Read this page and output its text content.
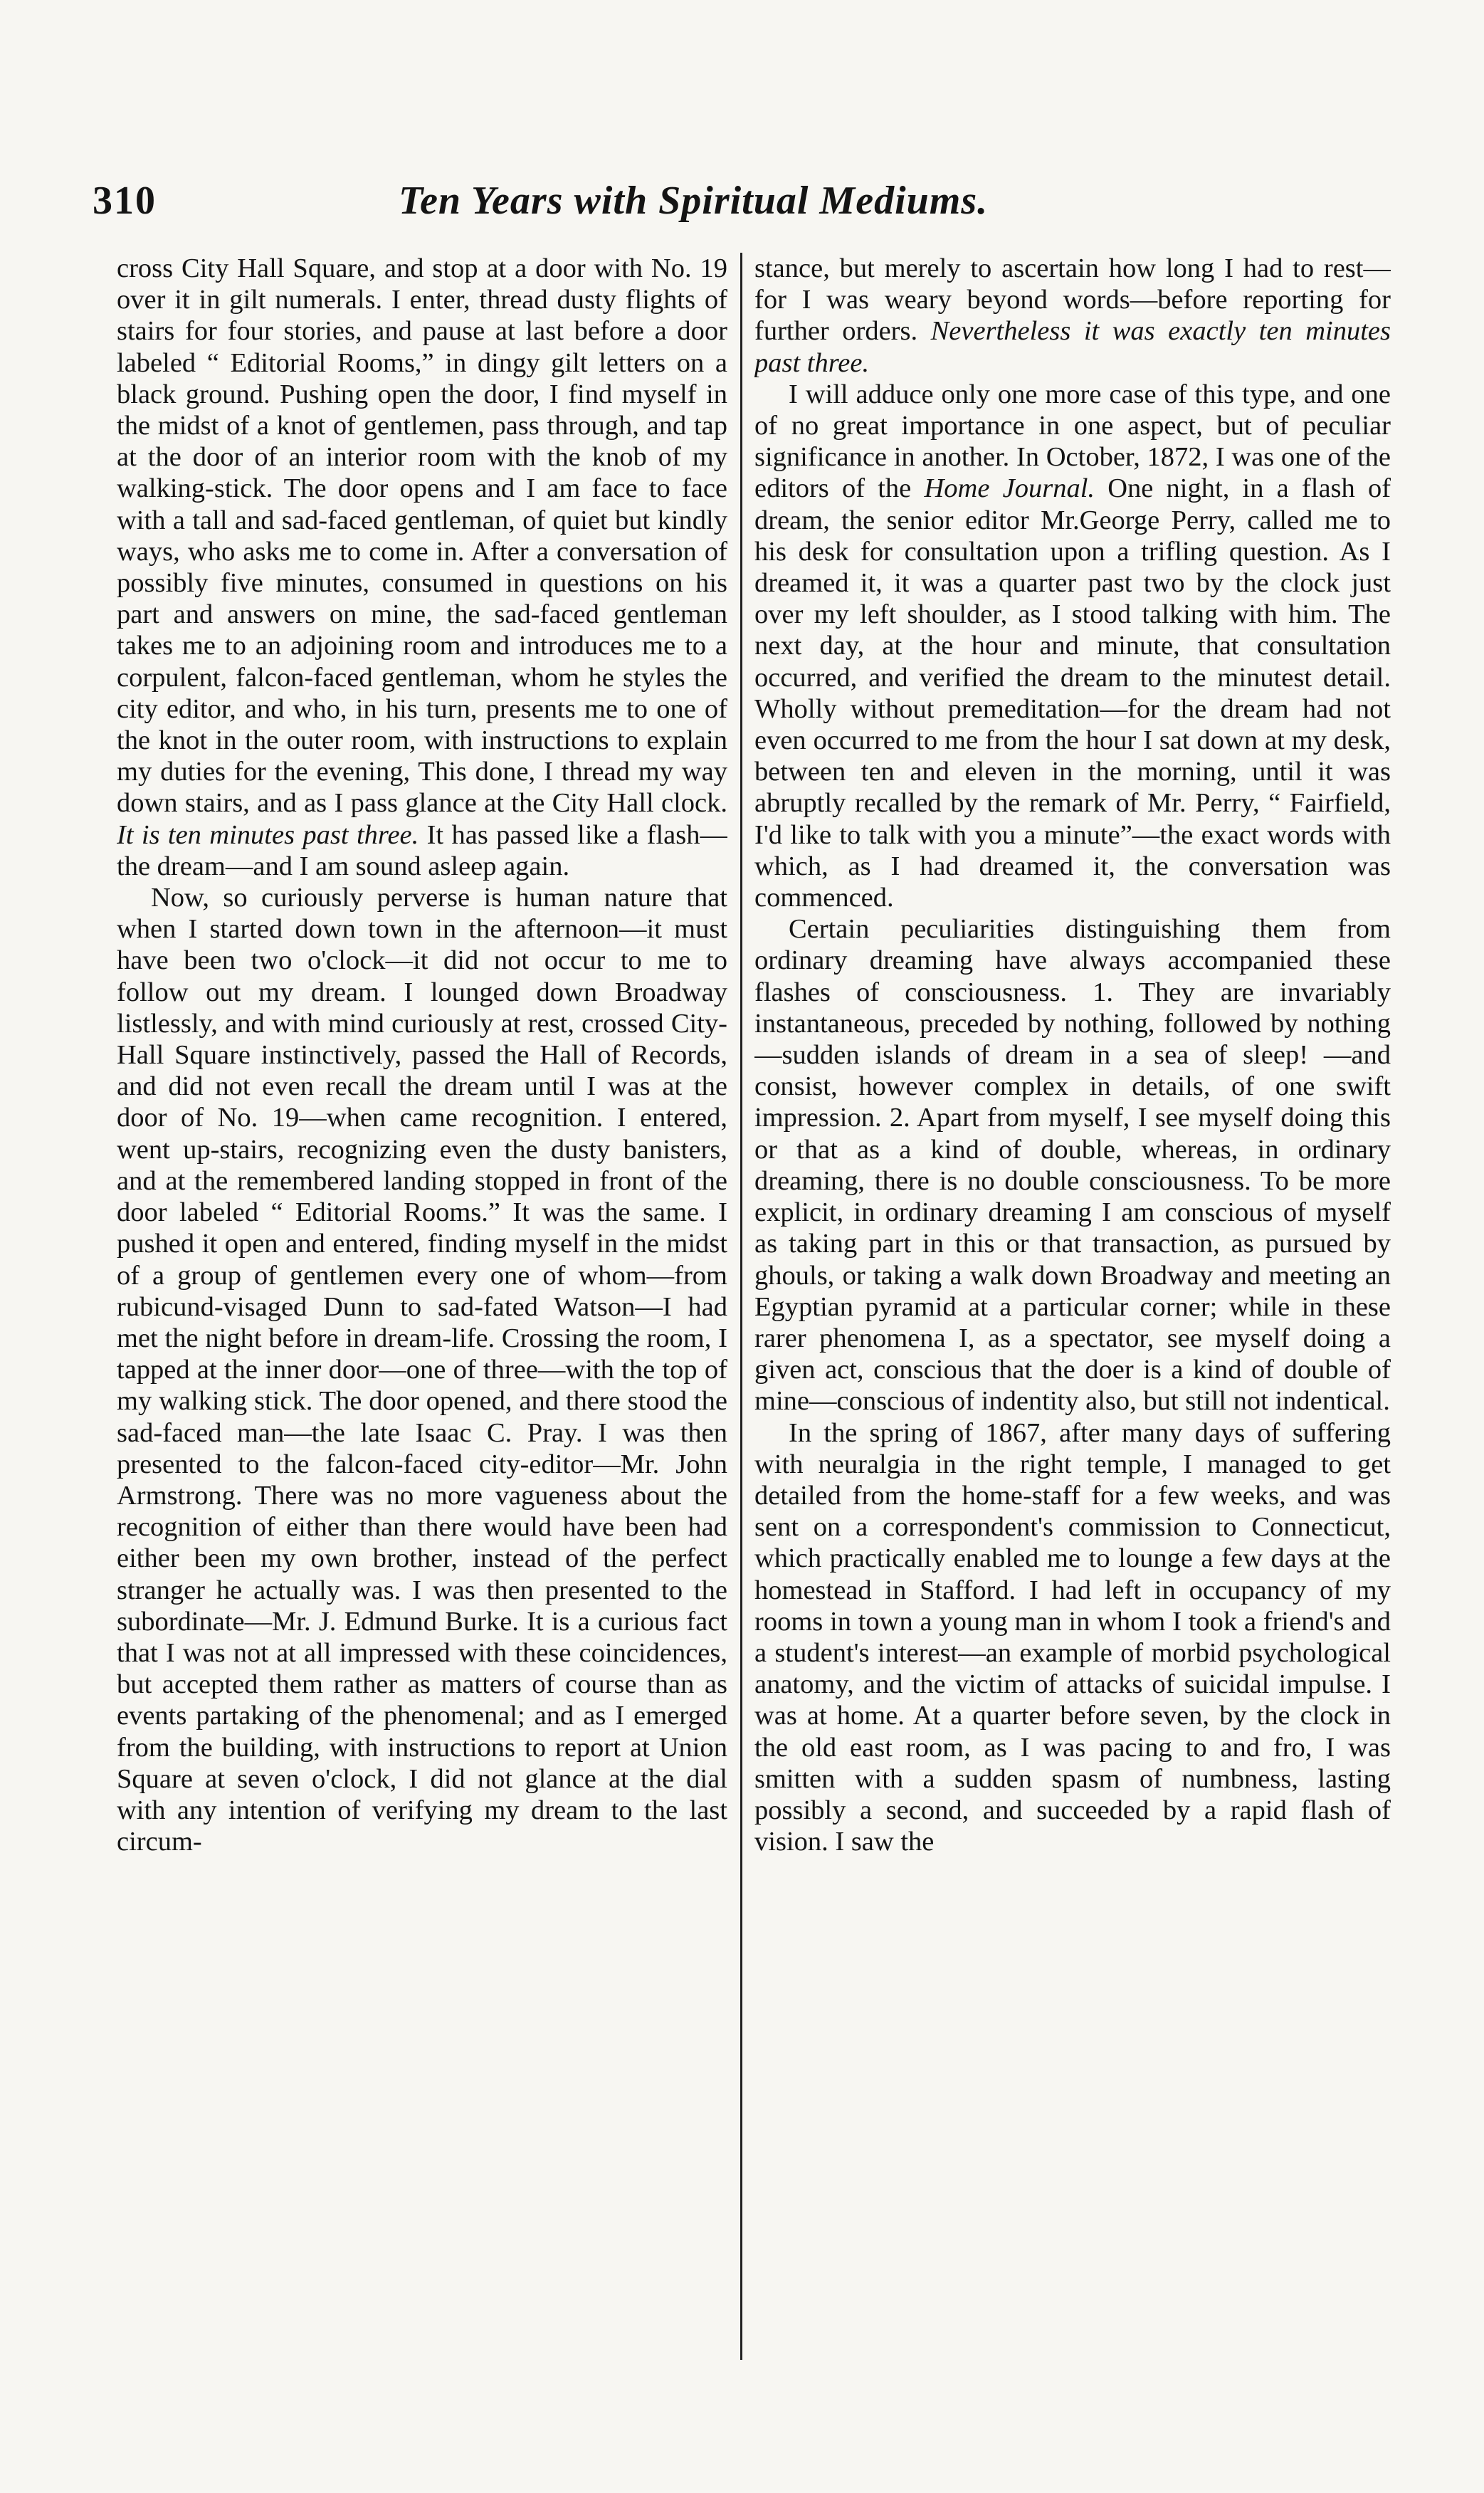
310	Ten Years with Spiritual Mediums.

cross City Hall Square, and stop at a door with No. 19 over it in gilt numerals. I enter, thread dusty flights of stairs for four stories, and pause at last before a door labeled “ Editorial Rooms,” in dingy gilt letters on a black ground. Pushing open the door, I find myself in the midst of a knot of gentlemen, pass through, and tap at the door of an interior room with the knob of my walking-stick. The door opens and I am face to face with a tall and sad-faced gentleman, of quiet but kindly ways, who asks me to come in. After a conversation of possibly five minutes, consumed in questions on his part and answers on mine, the sad-faced gentleman takes me to an adjoining room and introduces me to a corpulent, falcon-faced gentleman, whom he styles the city editor, and who, in his turn, presents me to one of the knot in the outer room, with instructions to explain my duties for the evening, This done, I thread my way down stairs, and as I pass glance at the City Hall clock. It is ten minutes past three. It has passed like a flash—the dream—and I am sound asleep again.

Now, so curiously perverse is human nature that when I started down town in the afternoon—it must have been two o'clock—it did not occur to me to follow out my dream. I lounged down Broadway listlessly, and with mind curiously at rest, crossed City-Hall Square instinctively, passed the Hall of Records, and did not even recall the dream until I was at the door of No. 19—when came recognition. I entered, went up-stairs, recognizing even the dusty banisters, and at the remembered landing stopped in front of the door labeled “ Editorial Rooms.” It was the same. I pushed it open and entered, finding myself in the midst of a group of gentlemen every one of whom—from rubicund-visaged Dunn to sad-fated Watson—I had met the night before in dream-life. Crossing the room, I tapped at the inner door—one of three—with the top of my walking stick. The door opened, and there stood the sad-faced man—the late Isaac C. Pray. I was then presented to the falcon-faced city-editor—Mr. John Armstrong. There was no more vagueness about the recognition of either than there would have been had either been my own brother, instead of the perfect stranger he actually was. I was then presented to the subordinate—Mr. J. Edmund Burke. It is a curious fact that I was not at all impressed with these coincidences, but accepted them rather as matters of course than as events partaking of the phenomenal; and as I emerged from the building, with instructions to report at Union Square at seven o'clock, I did not glance at the dial with any intention of verifying my dream to the last circum-

stance, but merely to ascertain how long I had to rest—for I was weary beyond words—before reporting for further orders. Nevertheless it was exactly ten minutes past three.

I will adduce only one more case of this type, and one of no great importance in one aspect, but of peculiar significance in another. In October, 1872, I was one of the editors of the Home Journal. One night, in a flash of dream, the senior editor Mr.George Perry, called me to his desk for consultation upon a trifling question. As I dreamed it, it was a quarter past two by the clock just over my left shoulder, as I stood talking with him. The next day, at the hour and minute, that consultation occurred, and verified the dream to the minutest detail. Wholly without premeditation—for the dream had not even occurred to me from the hour I sat down at my desk, between ten and eleven in the morning, until it was abruptly recalled by the remark of Mr. Perry, “ Fairfield, I'd like to talk with you a minute”—the exact words with which, as I had dreamed it, the conversation was commenced.

Certain peculiarities distinguishing them from ordinary dreaming have always accompanied these flashes of consciousness. 1. They are invariably instantaneous, preceded by nothing, followed by nothing—sudden islands of dream in a sea of sleep! —and consist, however complex in details, of one swift impression. 2. Apart from myself, I see myself doing this or that as a kind of double, whereas, in ordinary dreaming, there is no double consciousness. To be more explicit, in ordinary dreaming I am conscious of myself as taking part in this or that transaction, as pursued by ghouls, or taking a walk down Broadway and meeting an Egyptian pyramid at a particular corner; while in these rarer phenomena I, as a spectator, see myself doing a given act, conscious that the doer is a kind of double of mine—conscious of indentity also, but still not indentical.

In the spring of 1867, after many days of suffering with neuralgia in the right temple, I managed to get detailed from the home-staff for a few weeks, and was sent on a correspondent's commission to Connecticut, which practically enabled me to lounge a few days at the homestead in Stafford. I had left in occupancy of my rooms in town a young man in whom I took a friend's and a student's interest—an example of morbid psychological anatomy, and the victim of attacks of suicidal impulse. I was at home. At a quarter before seven, by the clock in the old east room, as I was pacing to and fro, I was smitten with a sudden spasm of numbness, lasting possibly a second, and succeeded by a rapid flash of vision. I saw the
